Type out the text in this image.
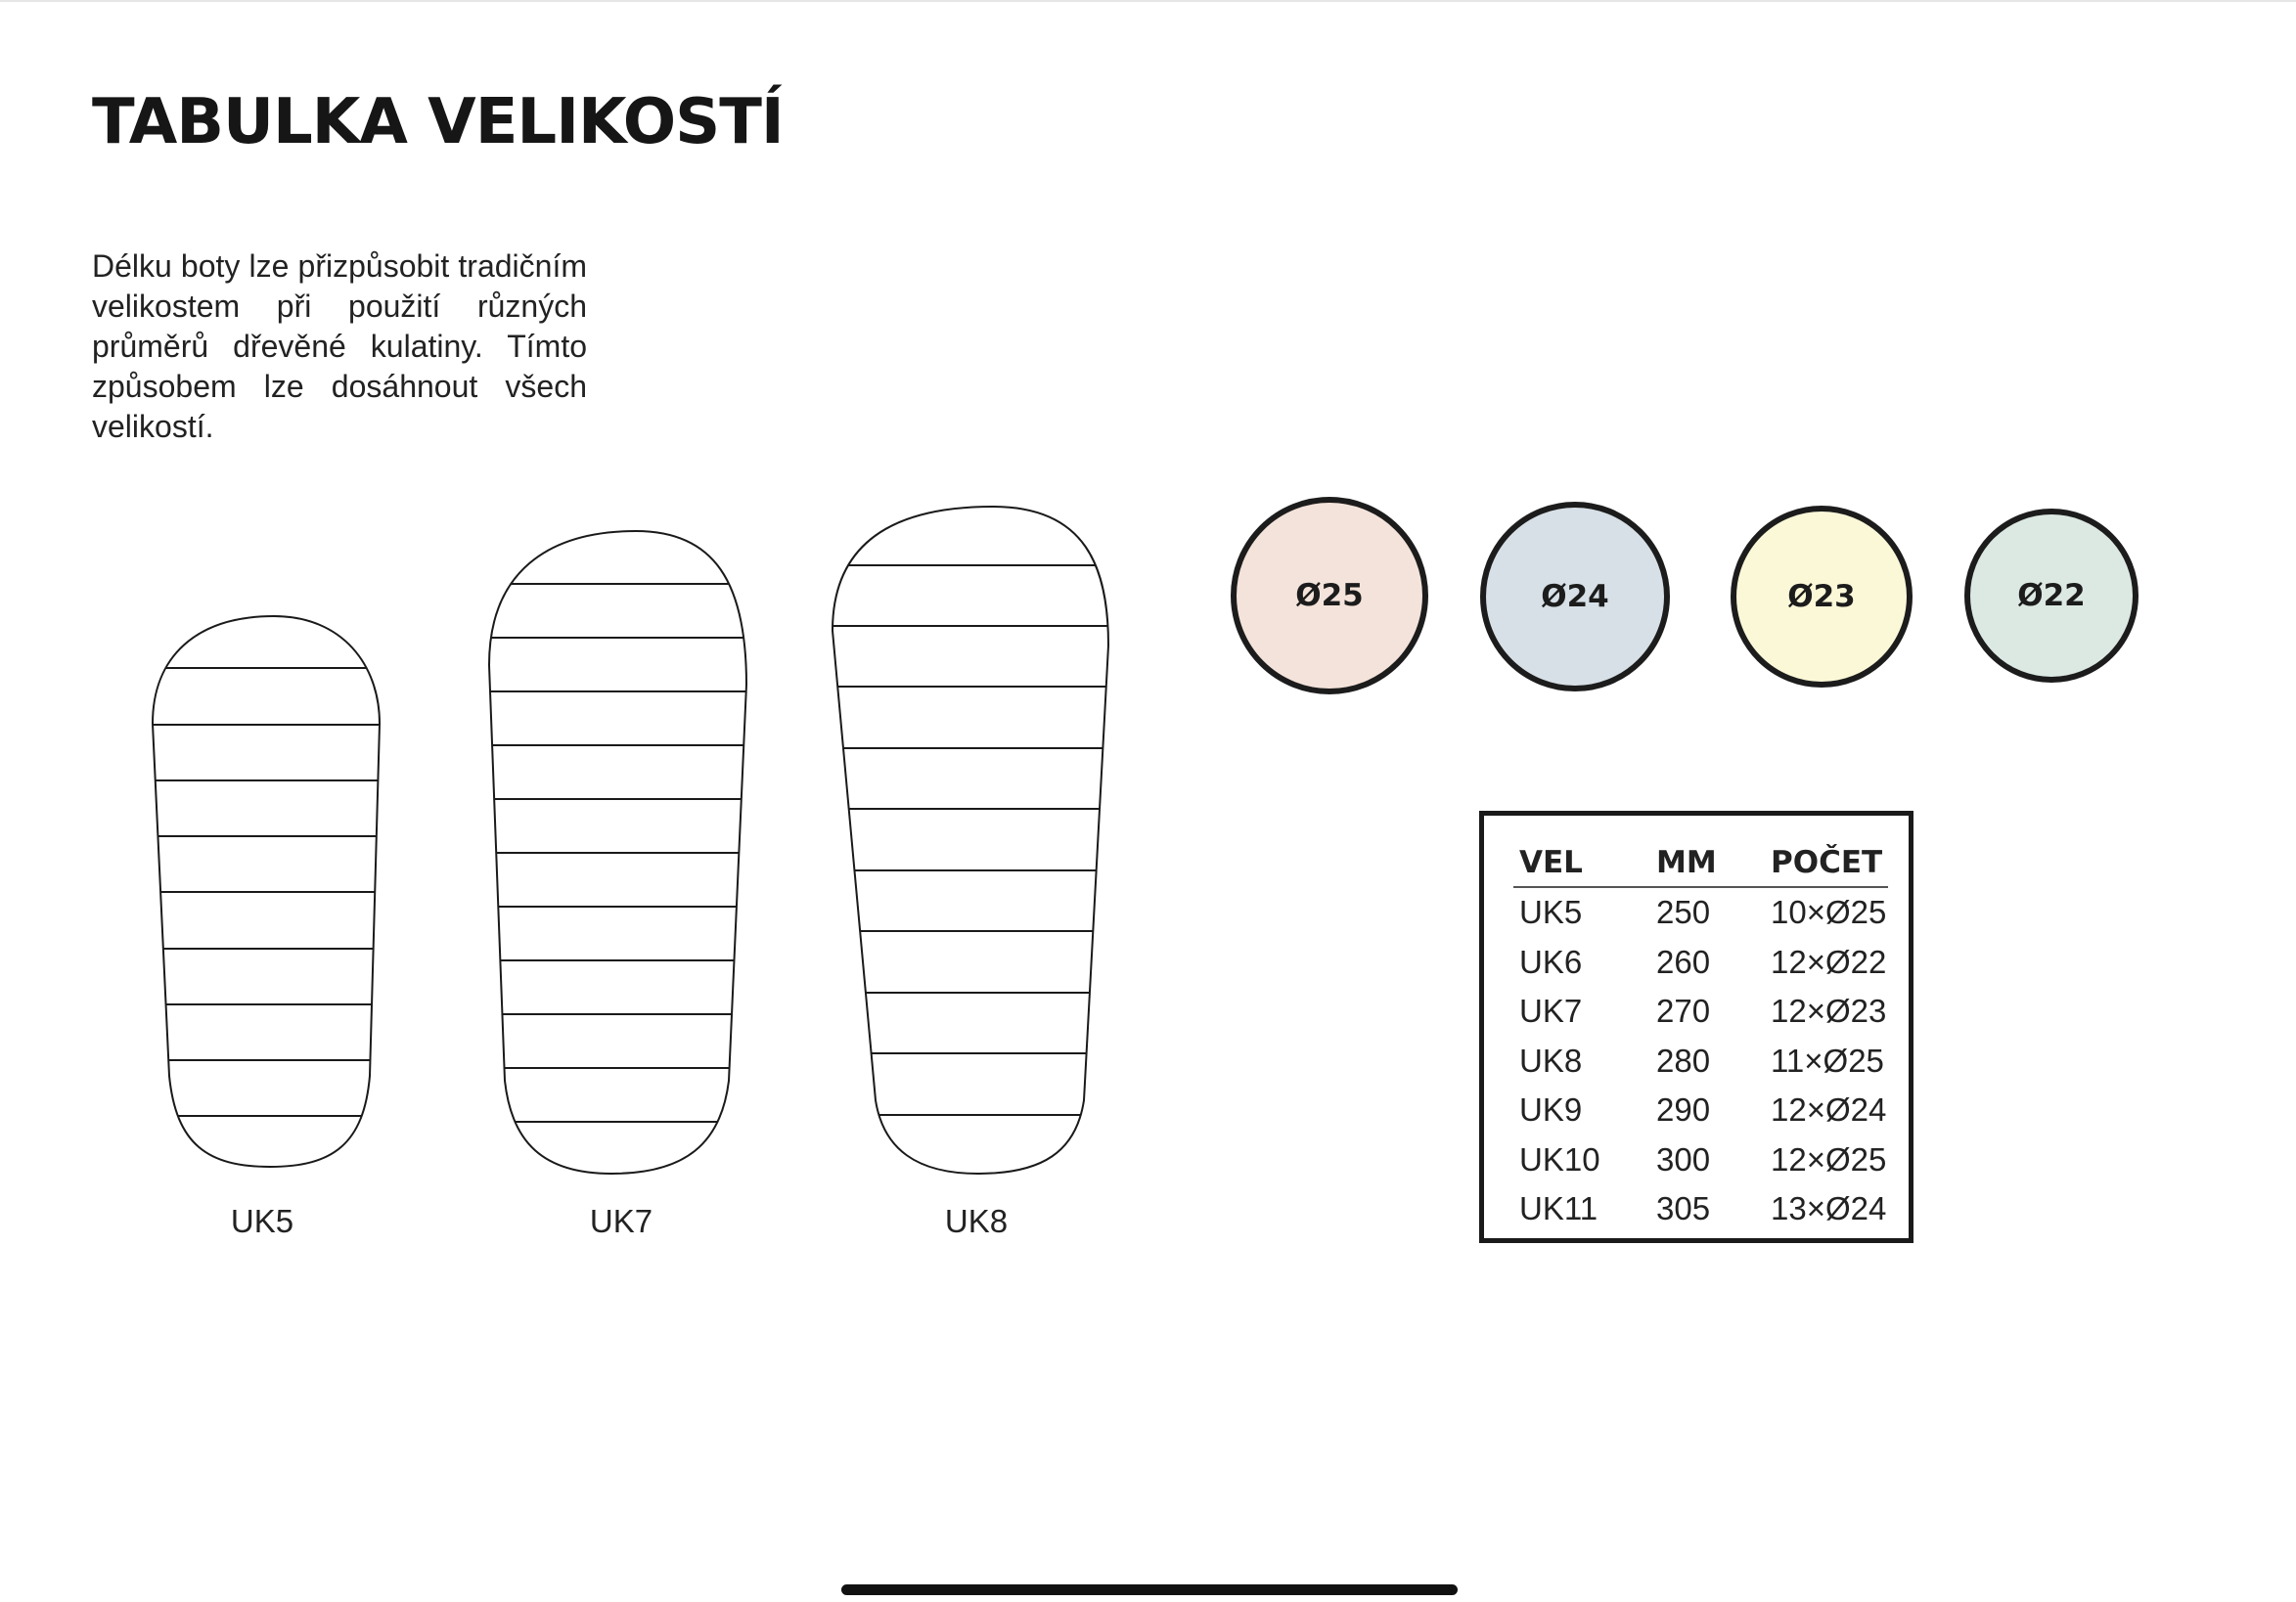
TABULKA VELIKOSTÍ

Délku boty lze přizpůsobit tradičním velikostem při použití různých průměrů dřevěné kulatiny. Tímto způsobem lze dosáhnout všech velikostí.

UK5	UK7	UK8
Ø25	Ø24	Ø23	Ø22
VEL	MM	POČET
UK5	250	10×Ø25
UK6	260	12×Ø22
UK7	270	12×Ø23
UK8	280	11×Ø25
UK9	290	12×Ø24
UK10	300	12×Ø25
UK11	305	13×Ø24
